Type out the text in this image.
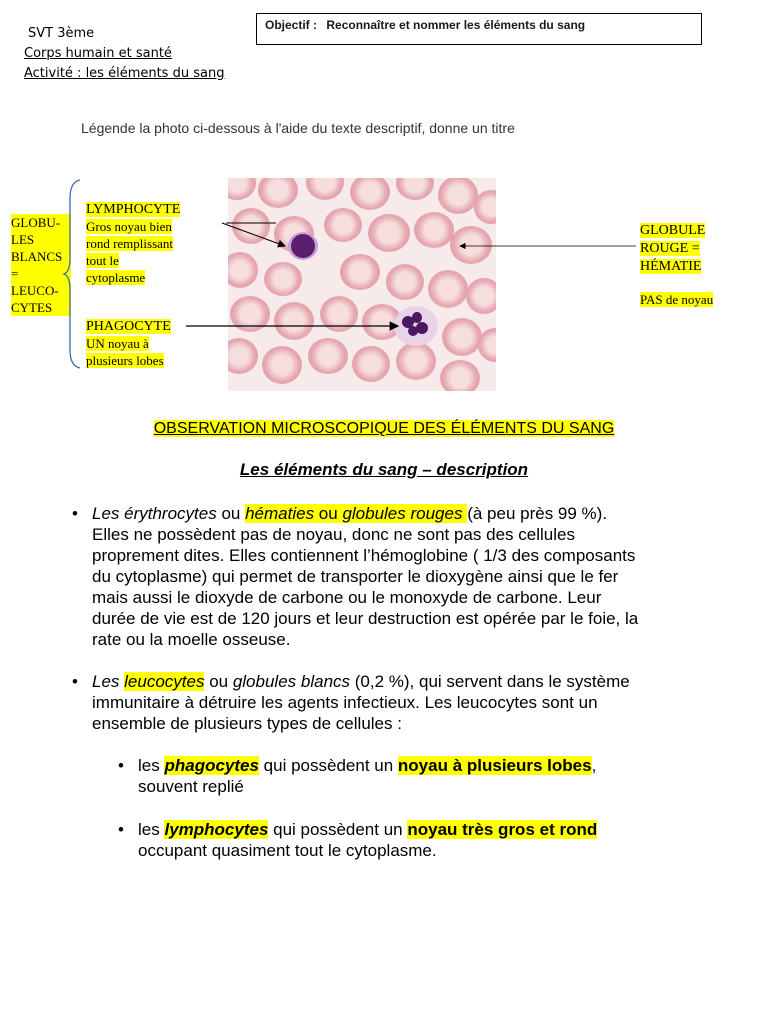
SVT 3ème
Corps humain et santé
Activité : les éléments du sang
Objectif : Reconnaître et nommer les éléments du sang
Légende la photo ci-dessous à l'aide du texte descriptif, donne un titre
GLOBU-
LES
BLANCS
=
LEUCO-
CYTES
LYMPHOCYTE
Gros noyau bien
rond remplissant
tout le
cytoplasme
PHAGOCYTE
UN noyau à
plusieurs lobes
GLOBULE
ROUGE =
HÉMATIE
PAS de noyau
OBSERVATION MICROSCOPIQUE DES ÉLÉMENTS DU SANG
Les éléments du sang – description
• Les érythrocytes ou hématies ou globules rouges (à peu près 99 %).
Elles ne possèdent pas de noyau, donc ne sont pas des cellules
proprement dites. Elles contiennent l’hémoglobine ( 1/3 des composants
du cytoplasme) qui permet de transporter le dioxygène ainsi que le fer
mais aussi le dioxyde de carbone ou le monoxyde de carbone. Leur
durée de vie est de 120 jours et leur destruction est opérée par le foie, la
rate ou la moelle osseuse.
• Les leucocytes ou globules blancs (0,2 %), qui servent dans le système
immunitaire à détruire les agents infectieux. Les leucocytes sont un
ensemble de plusieurs types de cellules :
• les phagocytes qui possèdent un noyau à plusieurs lobes,
souvent replié
• les lymphocytes qui possèdent un noyau très gros et rond
occupant quasiment tout le cytoplasme.
